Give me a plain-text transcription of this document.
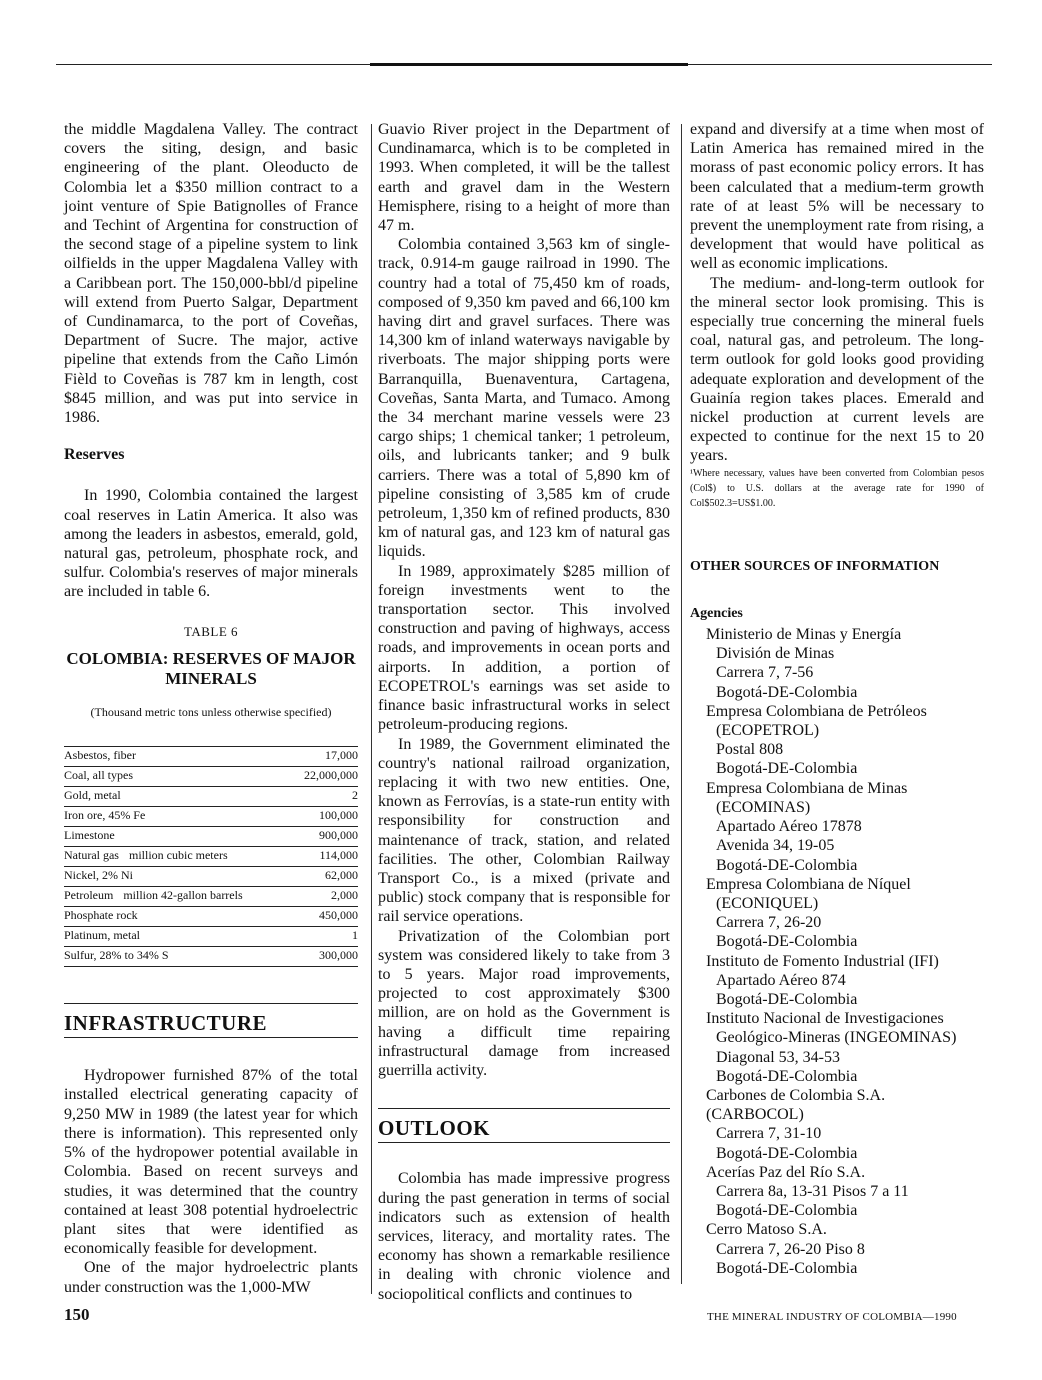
the middle Magdalena Valley. The contract covers the siting, design, and basic engineering of the plant. Oleoducto de Colombia let a $350 million contract to a joint venture of Spie Batignolles of France and Techint of Argentina for construction of the second stage of a pipeline system to link oilfields in the upper Magdalena Valley with a Caribbean port. The 150,000-bbl/d pipeline will extend from Puerto Salgar, Department of Cundinamarca, to the port of Coveñas, Department of Sucre. The major, active pipeline that extends from the Caño Limón Fièld to Coveñas is 787 km in length, cost $845 million, and was put into service in 1986.

Reserves

In 1990, Colombia contained the largest coal reserves in Latin America. It also was among the leaders in asbestos, emerald, gold, natural gas, petroleum, phosphate rock, and sulfur. Colombia's reserves of major minerals are included in table 6.

TABLE 6
COLOMBIA: RESERVES OF MAJOR MINERALS
(Thousand metric tons unless otherwise specified)
Asbestos, fiber	17,000
Coal, all types	22,000,000
Gold, metal	2
Iron ore, 45% Fe	100,000
Limestone	900,000
Natural gas million cubic meters	114,000
Nickel, 2% Ni	62,000
Petroleum million 42-gallon barrels	2,000
Phosphate rock	450,000
Platinum, metal	1
Sulfur, 28% to 34% S	300,000
INFRASTRUCTURE

Hydropower furnished 87% of the total installed electrical generating capacity of 9,250 MW in 1989 (the latest year for which there is information). This represented only 5% of the hydropower potential available in Colombia. Based on recent surveys and studies, it was determined that the country contained at least 308 potential hydroelectric plant sites that were identified as economically feasible for development.

One of the major hydroelectric plants under construction was the 1,000-MW

Guavio River project in the Department of Cundinamarca, which is to be completed in 1993. When completed, it will be the tallest earth and gravel dam in the Western Hemisphere, rising to a height of more than 47 m.

Colombia contained 3,563 km of single-track, 0.914-m gauge railroad in 1990. The country had a total of 75,450 km of roads, composed of 9,350 km paved and 66,100 km having dirt and gravel surfaces. There was 14,300 km of inland waterways navigable by riverboats. The major shipping ports were Barranquilla, Buenaventura, Cartagena, Coveñas, Santa Marta, and Tumaco. Among the 34 merchant marine vessels were 23 cargo ships; 1 chemical tanker; 1 petroleum, oils, and lubricants tanker; and 9 bulk carriers. There was a total of 5,890 km of pipeline consisting of 3,585 km of crude petroleum, 1,350 km of refined products, 830 km of natural gas, and 123 km of natural gas liquids.

In 1989, approximately $285 million of foreign investments went to the transportation sector. This involved construction and paving of highways, access roads, and improvements in ocean ports and airports. In addition, a portion of ECOPETROL's earnings was set aside to finance basic infrastructural works in select petroleum-producing regions.

In 1989, the Government eliminated the country's national railroad organization, replacing it with two new entities. One, known as Ferrovías, is a state-run entity with responsibility for construction and maintenance of track, station, and related facilities. The other, Colombian Railway Transport Co., is a mixed (private and public) stock company that is responsible for rail service operations.

Privatization of the Colombian port system was considered likely to take from 3 to 5 years. Major road improvements, projected to cost approximately $300 million, are on hold as the Government is having a difficult time repairing infrastructural damage from increased guerrilla activity.

OUTLOOK

Colombia has made impressive progress during the past generation in terms of social indicators such as extension of health services, literacy, and mortality rates. The economy has shown a remarkable resilience in dealing with chronic violence and sociopolitical conflicts and continues to

expand and diversify at a time when most of Latin America has remained mired in the morass of past economic policy errors. It has been calculated that a medium-term growth rate of at least 5% will be necessary to prevent the unemployment rate from rising, a development that would have political as well as economic implications.

The medium- and-long-term outlook for the mineral sector look promising. This is especially true concerning the mineral fuels coal, natural gas, and petroleum. The long-term outlook for gold looks good providing adequate exploration and development of the Guainía region takes places. Emerald and nickel production at current levels are expected to continue for the next 15 to 20 years.

¹Where necessary, values have been converted from Colombian pesos (Col$) to U.S. dollars at the average rate for 1990 of Col$502.3=US$1.00.

OTHER SOURCES OF INFORMATION
Agencies
Ministerio de Minas y Energía
División de Minas
Carrera 7, 7-56
Bogotá-DE-Colombia
Empresa Colombiana de Petróleos
(ECOPETROL)
Postal 808
Bogotá-DE-Colombia
Empresa Colombiana de Minas
(ECOMINAS)
Apartado Aéreo 17878
Avenida 34, 19-05
Bogotá-DE-Colombia
Empresa Colombiana de Níquel
(ECONIQUEL)
Carrera 7, 26-20
Bogotá-DE-Colombia
Instituto de Fomento Industrial (IFI)
Apartado Aéreo 874
Bogotá-DE-Colombia
Instituto Nacional de Investigaciones
Geológico-Mineras (INGEOMINAS)
Diagonal 53, 34-53
Bogotá-DE-Colombia
Carbones de Colombia S.A. (CARBOCOL)
Carrera 7, 31-10
Bogotá-DE-Colombia
Acerías Paz del Río S.A.
Carrera 8a, 13-31 Pisos 7 a 11
Bogotá-DE-Colombia
Cerro Matoso S.A.
Carrera 7, 26-20 Piso 8
Bogotá-DE-Colombia
150	THE MINERAL INDUSTRY OF COLOMBIA—1990
